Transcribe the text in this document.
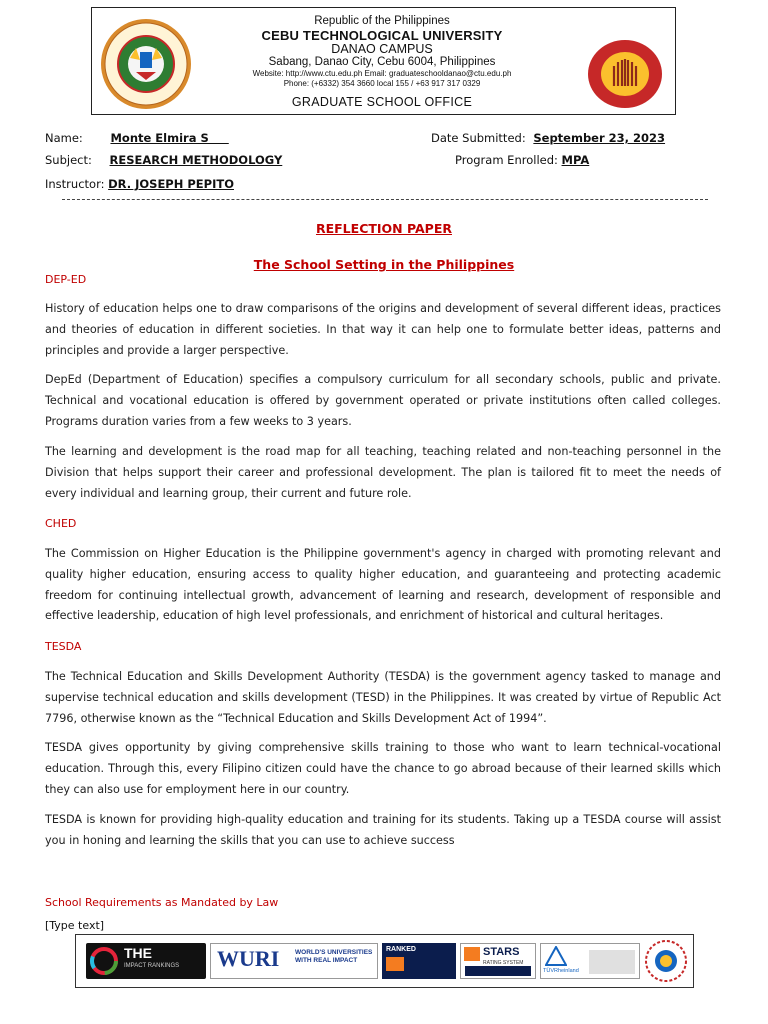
Republic of the Philippines
CEBU TECHNOLOGICAL UNIVERSITY
DANAO CAMPUS
Sabang, Danao City, Cebu 6004, Philippines
Website: http://www.ctu.edu.ph Email: graduateschooldanao@ctu.edu.ph
Phone: (+6332) 354 3660 local 155 / +63 917 317 0329
GRADUATE SCHOOL OFFICE
Name: Monte Elmira S	Date Submitted: September 23, 2023
Subject: RESEARCH METHODOLOGY	Program Enrolled: MPA
Instructor: DR. JOSEPH PEPITO
REFLECTION PAPER
The School Setting in the Philippines
DEP-ED
History of education helps one to draw comparisons of the origins and development of several different ideas, practices and theories of education in different societies. In that way it can help one to formulate better ideas, patterns and principles and provide a larger perspective.
DepEd (Department of Education) specifies a compulsory curriculum for all secondary schools, public and private. Technical and vocational education is offered by government operated or private institutions often called colleges. Programs duration varies from a few weeks to 3 years.
The learning and development is the road map for all teaching, teaching related and non-teaching personnel in the Division that helps support their career and professional development. The plan is tailored fit to meet the needs of every individual and learning group, their current and future role.
CHED
The Commission on Higher Education is the Philippine government's agency in charged with promoting relevant and quality higher education, ensuring access to quality higher education, and guaranteeing and protecting academic freedom for continuing intellectual growth, advancement of learning and research, development of responsible and effective leadership, education of high level professionals, and enrichment of historical and cultural heritages.
TESDA
The Technical Education and Skills Development Authority (TESDA) is the government agency tasked to manage and supervise technical education and skills development (TESD) in the Philippines. It was created by virtue of Republic Act 7796, otherwise known as the “Technical Education and Skills Development Act of 1994”.
TESDA gives opportunity by giving comprehensive skills training to those who want to learn technical-vocational education. Through this, every Filipino citizen could have the chance to go abroad because of their learned skills which they can also use for employment here in our country.
TESDA is known for providing high-quality education and training for its students. Taking up a TESDA course will assist you in honing and learning the skills that you can use to achieve success
School Requirements as Mandated by Law
[Type text]
THE
IMPACT RANKINGS WURI WORLD'S UNIVERSITIES WITH REAL IMPACT
RANKED	STARS
RATING SYSTEM
TÜVRheinland
